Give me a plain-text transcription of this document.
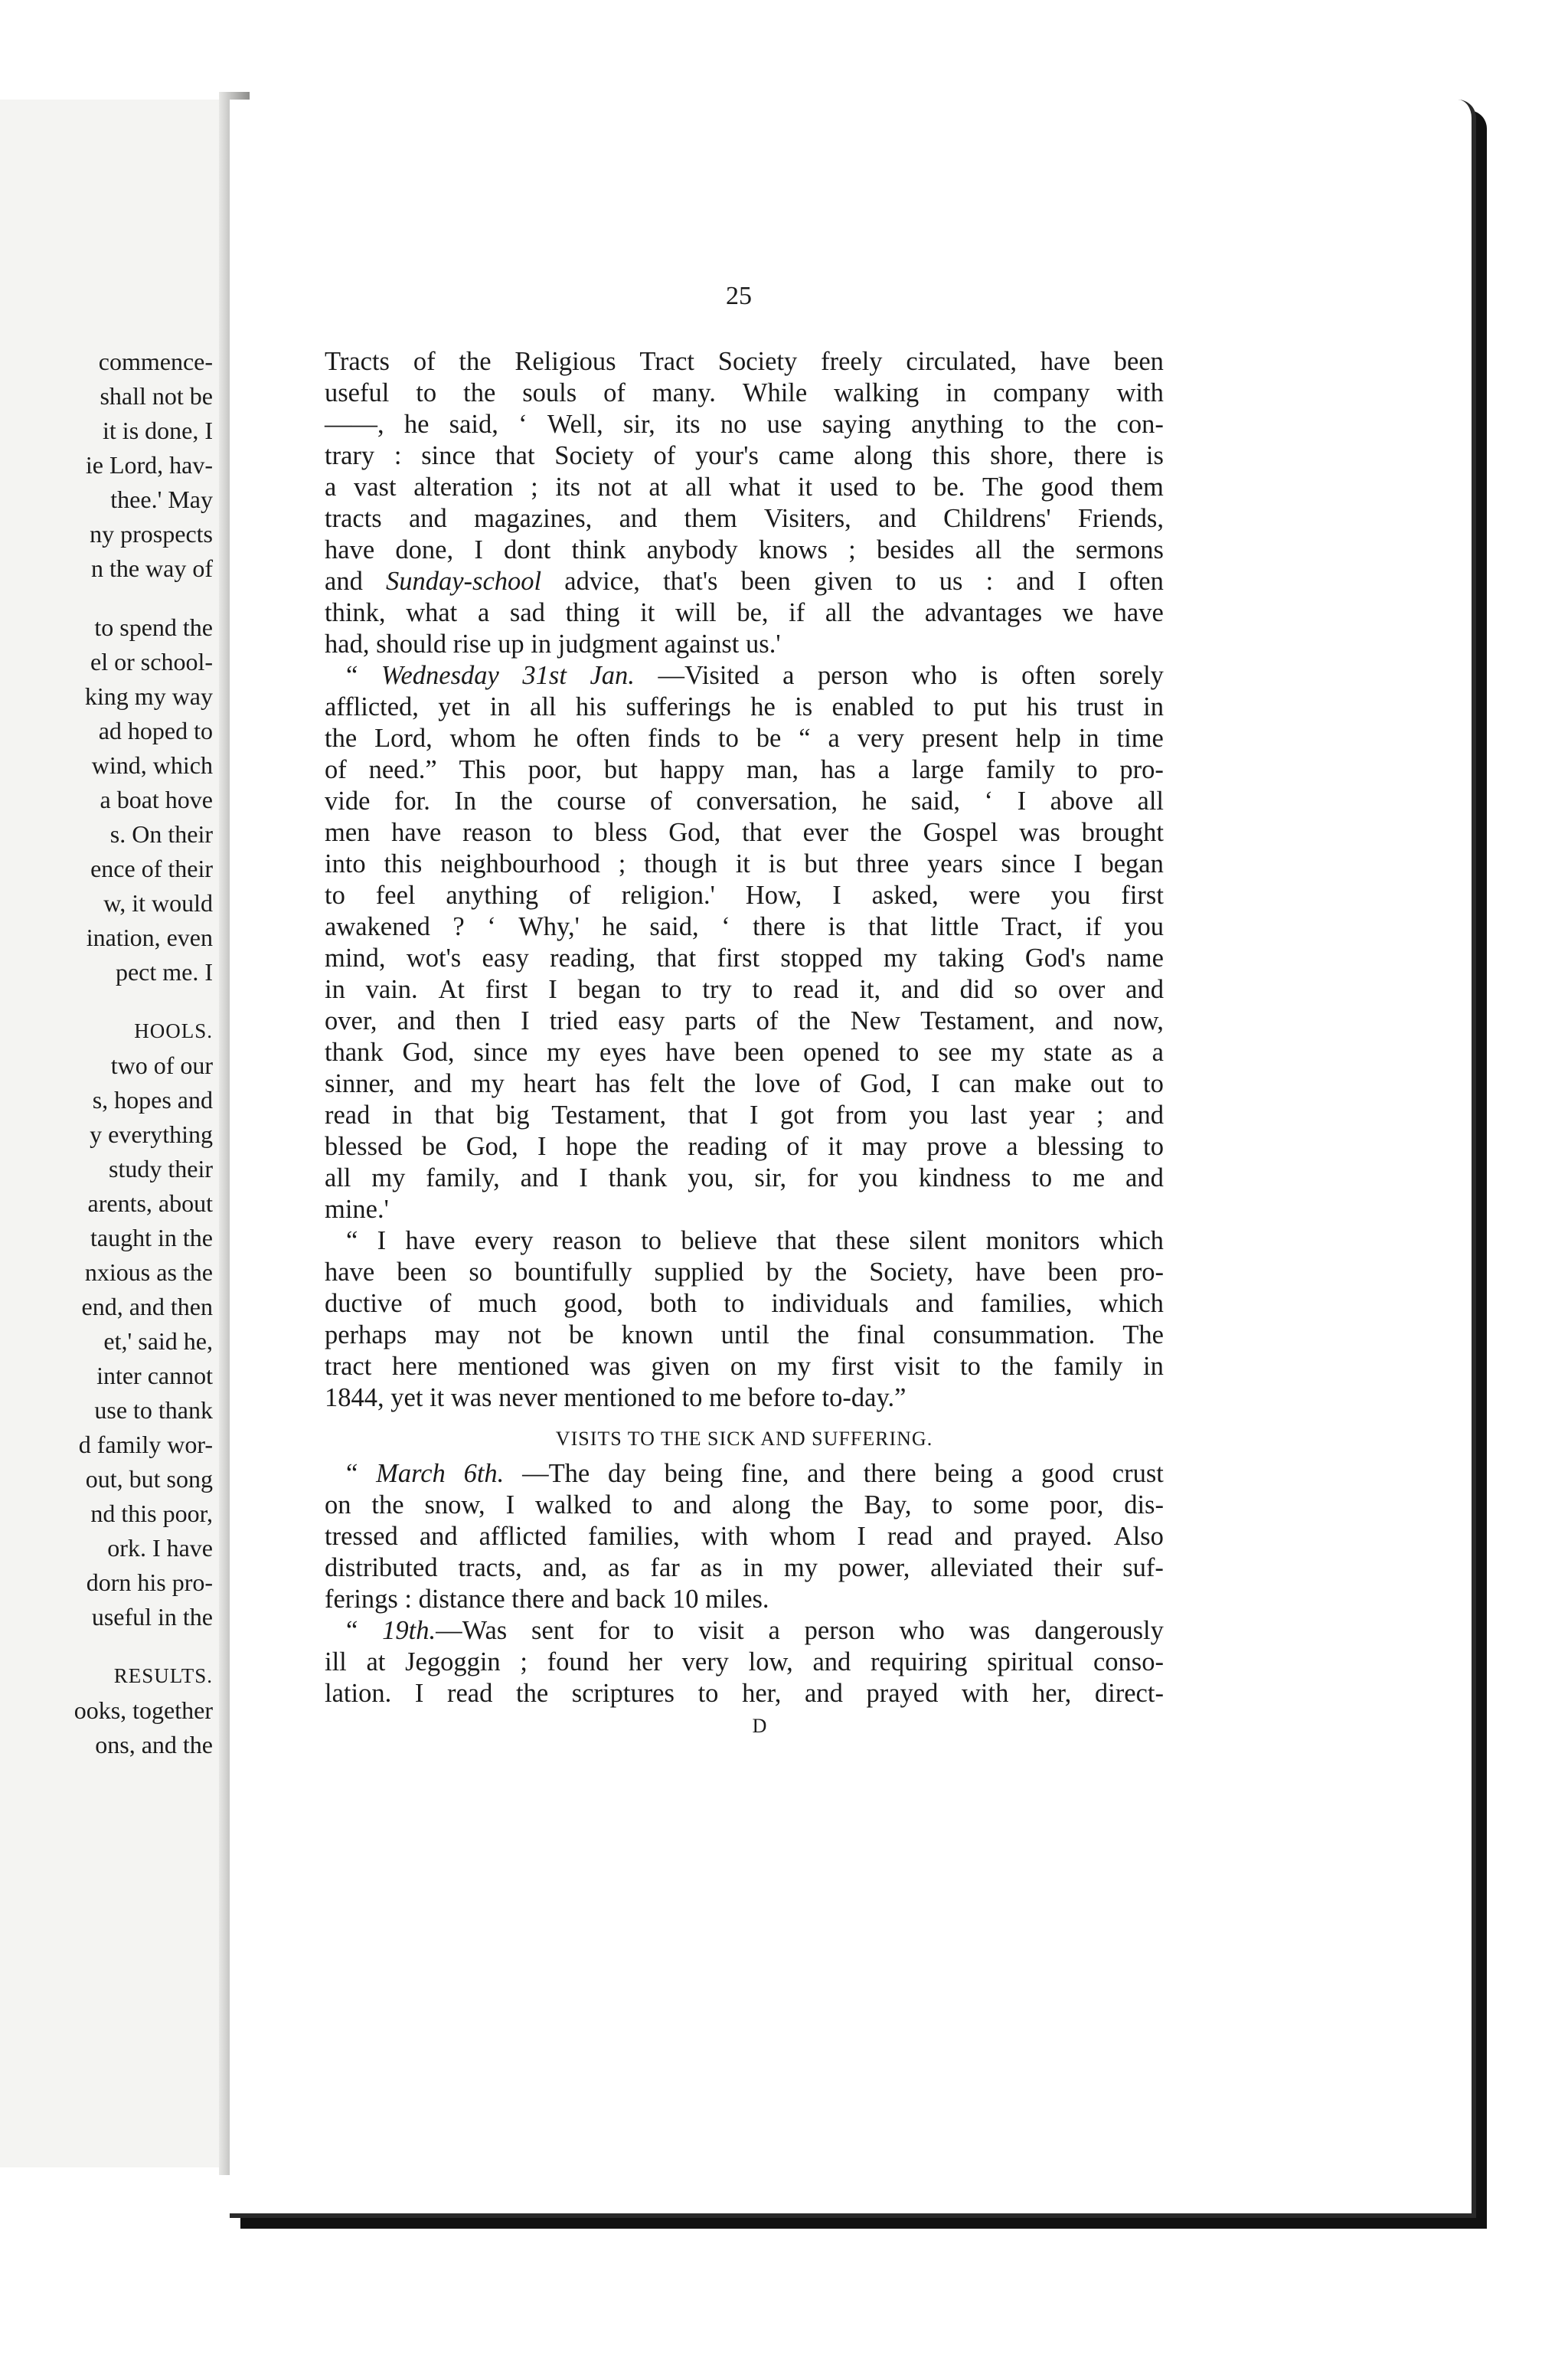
commence-
shall not be
it is done, I
ie Lord, hav-
thee.' May
ny prospects
n the way of
to spend the
el or school-
king my way
ad hoped to
wind, which
a boat hove
s. On their
ence of their
w, it would
ination, even
pect me. I
HOOLS.
two of our
s, hopes and
y everything
study their
arents, about
taught in the
nxious as the
end, and then
et,' said he,
inter cannot
use to thank
d family wor-
out, but song
nd this poor,
ork. I have
dorn his pro-
useful in the
RESULTS.
ooks, together
ons, and the
25
Tracts of the Religious Tract Society freely circulated, have been
useful to the souls of many. While walking in company with
——, he said, ‘ Well, sir, its no use saying anything to the con-
trary : since that Society of your's came along this shore, there is
a vast alteration ; its not at all what it used to be. The good them
tracts and magazines, and them Visiters, and Childrens' Friends,
have done, I dont think anybody knows ; besides all the sermons
and Sunday-school advice, that's been given to us : and I often
think, what a sad thing it will be, if all the advantages we have
had, should rise up in judgment against us.'
“ Wednesday 31st Jan. —Visited a person who is often sorely
afflicted, yet in all his sufferings he is enabled to put his trust in
the Lord, whom he often finds to be “ a very present help in time
of need.” This poor, but happy man, has a large family to pro-
vide for. In the course of conversation, he said, ‘ I above all
men have reason to bless God, that ever the Gospel was brought
into this neighbourhood ; though it is but three years since I began
to feel anything of religion.' How, I asked, were you first
awakened ? ‘ Why,' he said, ‘ there is that little Tract, if you
mind, wot's easy reading, that first stopped my taking God's name
in vain. At first I began to try to read it, and did so over and
over, and then I tried easy parts of the New Testament, and now,
thank God, since my eyes have been opened to see my state as a
sinner, and my heart has felt the love of God, I can make out to
read in that big Testament, that I got from you last year ; and
blessed be God, I hope the reading of it may prove a blessing to
all my family, and I thank you, sir, for you kindness to me and
mine.'
“ I have every reason to believe that these silent monitors which
have been so bountifully supplied by the Society, have been pro-
ductive of much good, both to individuals and families, which
perhaps may not be known until the final consummation. The
tract here mentioned was given on my first visit to the family in
1844, yet it was never mentioned to me before to-day.”
VISITS TO THE SICK AND SUFFERING.
“ March 6th. —The day being fine, and there being a good crust
on the snow, I walked to and along the Bay, to some poor, dis-
tressed and afflicted families, with whom I read and prayed. Also
distributed tracts, and, as far as in my power, alleviated their suf-
ferings : distance there and back 10 miles.
“ 19th.—Was sent for to visit a person who was dangerously
ill at Jegoggin ; found her very low, and requiring spiritual conso-
lation. I read the scriptures to her, and prayed with her, direct-
D
